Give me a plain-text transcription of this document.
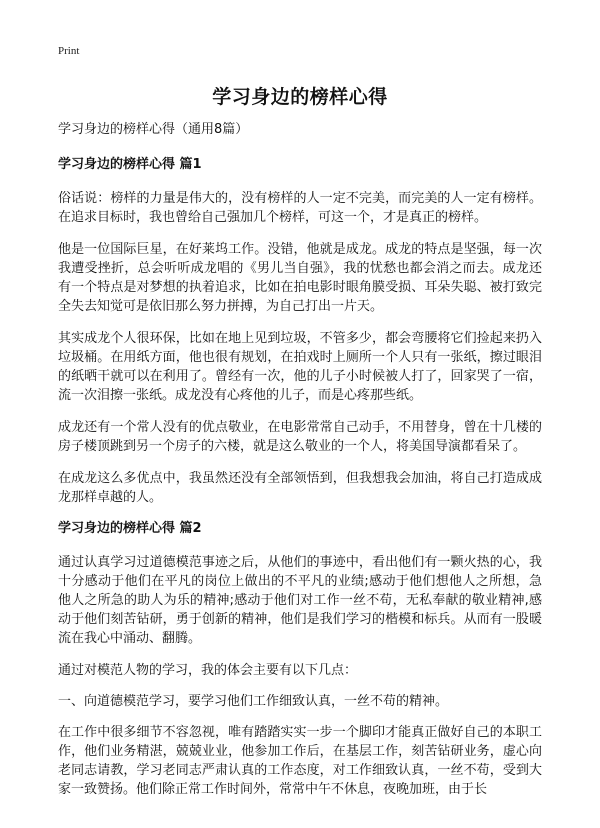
Print
学习身边的榜样心得
学习身边的榜样心得（通用8篇）
学习身边的榜样心得 篇1

俗话说：榜样的力量是伟大的，没有榜样的人一定不完美，而完美的人一定有榜样。在追求目标时，我也曾给自己强加几个榜样，可这一个，才是真正的榜样。

他是一位国际巨星，在好莱坞工作。没错，他就是成龙。成龙的特点是坚强，每一次我遭受挫折，总会听听成龙唱的《男儿当自强》，我的忧愁也都会消之而去。成龙还有一个特点是对梦想的执着追求，比如在拍电影时眼角膜受损、耳朵失聪、被打致完全失去知觉可是依旧那么努力拼搏，为自己打出一片天。

其实成龙个人很环保，比如在地上见到垃圾，不管多少，都会弯腰将它们捡起来扔入垃圾桶。在用纸方面，他也很有规划，在拍戏时上厕所一个人只有一张纸，擦过眼泪的纸晒干就可以在利用了。曾经有一次，他的儿子小时候被人打了，回家哭了一宿，流一次泪擦一张纸。成龙没有心疼他的儿子，而是心疼那些纸。

成龙还有一个常人没有的优点敬业，在电影常常自己动手，不用替身，曾在十几楼的房子楼顶跳到另一个房子的六楼，就是这么敬业的一个人，将美国导演都看呆了。

在成龙这么多优点中，我虽然还没有全部领悟到，但我想我会加油，将自己打造成成龙那样卓越的人。

学习身边的榜样心得 篇2

通过认真学习过道德模范事迹之后，从他们的事迹中，看出他们有一颗火热的心，我十分感动于他们在平凡的岗位上做出的不平凡的业绩;感动于他们想他人之所想，急他人之所急的助人为乐的精神;感动于他们对工作一丝不苟，无私奉献的敬业精神,感动于他们刻苦钻研，勇于创新的精神，他们是我们学习的楷模和标兵。从而有一股暖流在我心中涌动、翻腾。

通过对模范人物的学习，我的体会主要有以下几点：

一、向道德模范学习，要学习他们工作细致认真，一丝不苟的精神。

在工作中很多细节不容忽视，唯有踏踏实实一步一个脚印才能真正做好自己的本职工作，他们业务精湛，兢兢业业，他参加工作后，在基层工作，刻苦钻研业务，虚心向老同志请教，学习老同志严肃认真的工作态度，对工作细致认真，一丝不苟，受到大家一致赞扬。他们除正常工作时间外，常常中午不休息，夜晚加班，由于长
